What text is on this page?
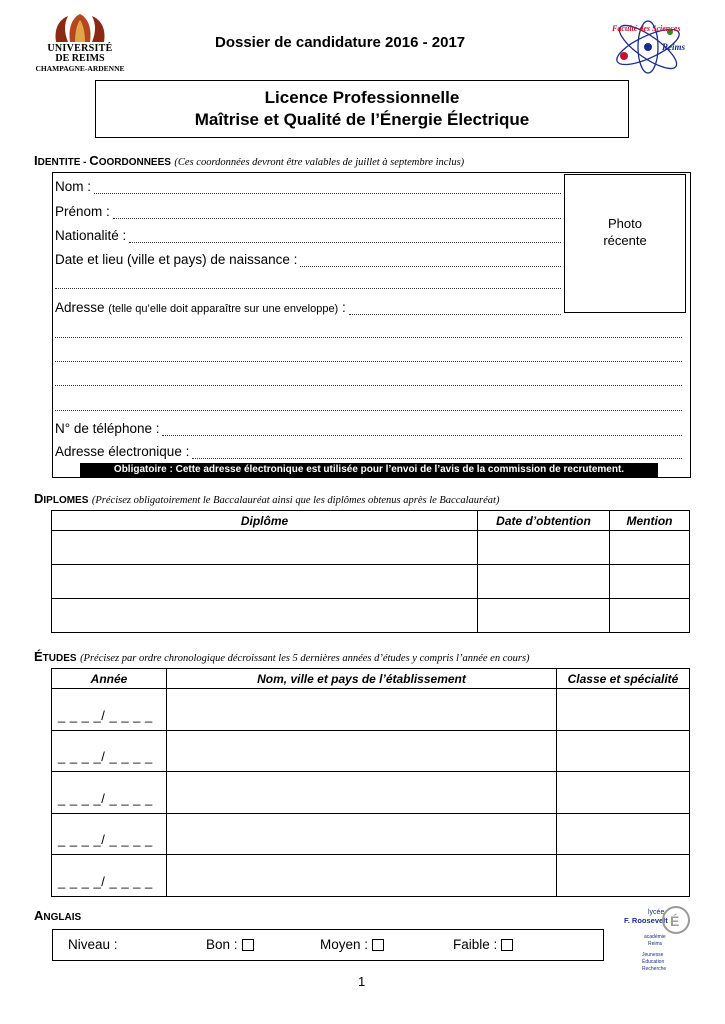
UNIVERSITÉ
DE REIMS
CHAMPAGNE-ARDENNE
Faculté des Sciences
Reims
Dossier de candidature 2016 - 2017
Licence Professionnelle
Maîtrise et Qualité de l’Énergie Électrique
IDENTITE - COORDONNEES (Ces coordonnées devront être valables de juillet à septembre inclus)
Nom :
Prénom :
Nationalité :
Date et lieu (ville et pays) de naissance :
Adresse (telle qu’elle doit apparaître sur une enveloppe) :
N° de téléphone :
Adresse électronique :
Photo
récente
Obligatoire : Cette adresse électronique est utilisée pour l’envoi de l’avis de la commission de recrutement.
DIPLOMES (Précisez obligatoirement le Baccalauréat ainsi que les diplômes obtenus après le Baccalauréat)
Diplôme	Date d’obtention	Mention

ÉTUDES (Précisez par ordre chronologique décroissant les 5 dernières années d’études y compris l’année en cours)
Année	Nom, ville et pays de l’établissement	Classe et spécialité
_ _ _ _/ _ _ _ _		
_ _ _ _/ _ _ _ _		
_ _ _ _/ _ _ _ _		
_ _ _ _/ _ _ _ _		
_ _ _ _/ _ _ _ _		
ANGLAIS
Niveau :	Bon :	Moyen :	Faible :
lycée
F. Roosevelt É
académie
Reims
Jeunesse
Éducation
Recherche
1
